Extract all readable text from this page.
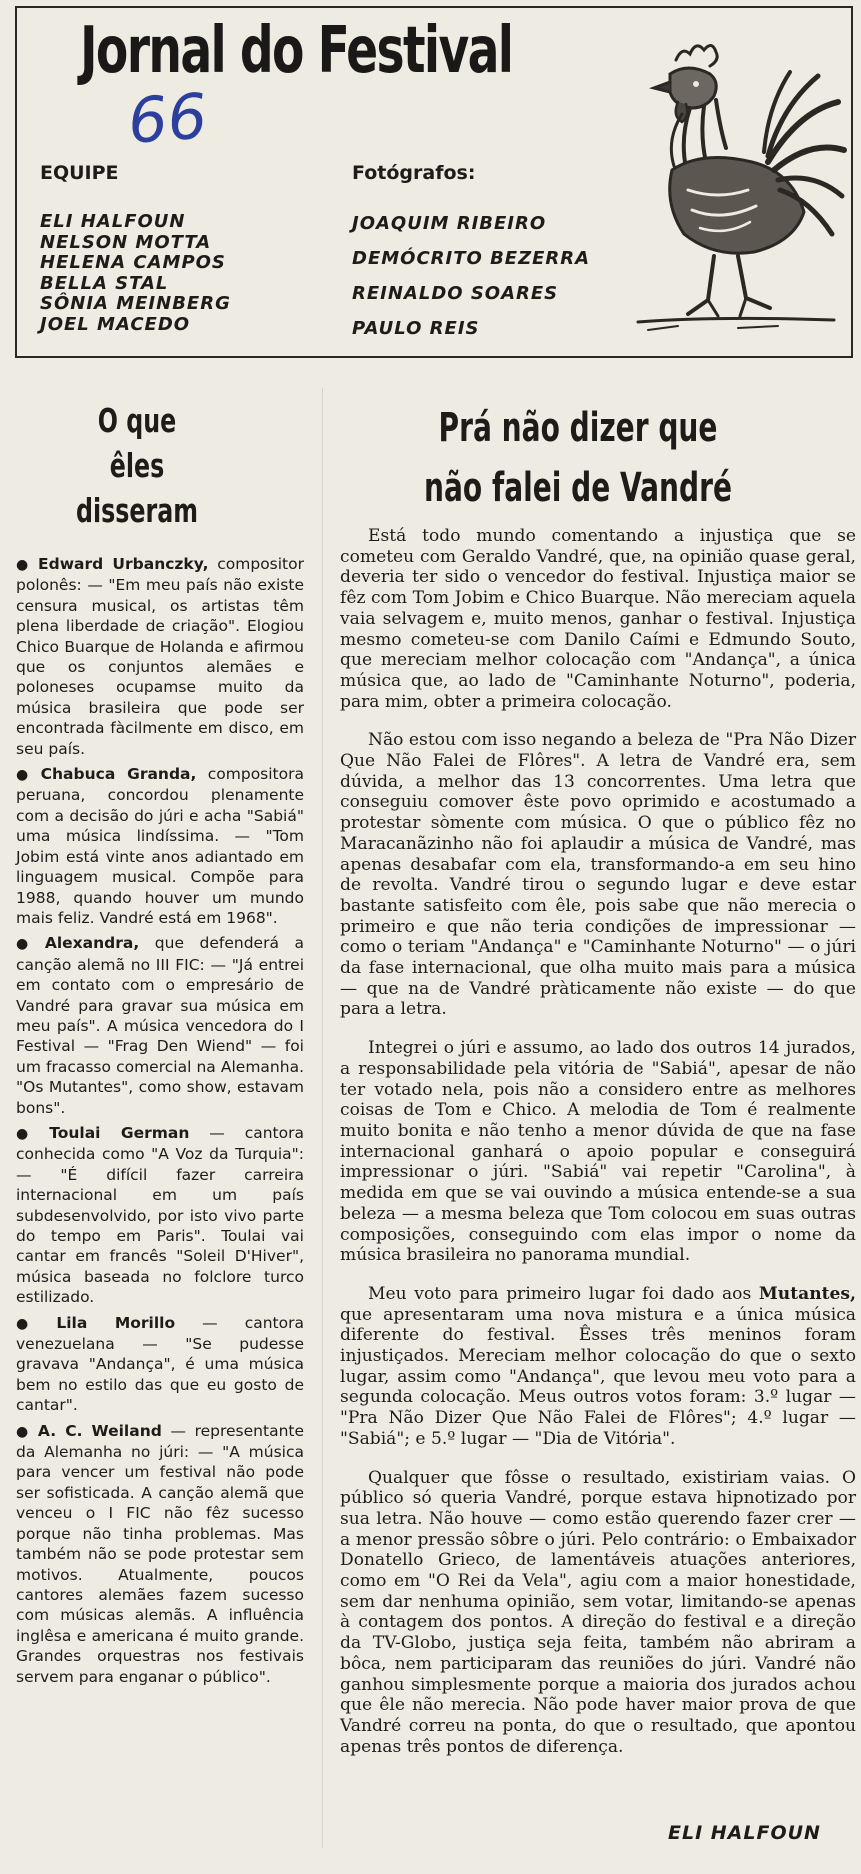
Jornal do Festival
66
EQUIPE
ELI HALFOUN
NELSON MOTTA
HELENA CAMPOS
BELLA STAL
SÔNIA MEINBERG
JOEL MACEDO
Fotógrafos:
JOAQUIM RIBEIRO
DEMÓCRITO BEZERRA
REINALDO SOARES
PAULO REIS
O que
êles
disseram
● Edward Urbanczky, compositor polonês: — "Em meu país não existe censura musical, os artistas têm plena liberdade de criação". Elogiou Chico Buarque de Holanda e afirmou que os conjuntos alemães e poloneses ocupamse muito da música brasileira que pode ser encontrada fàcilmente em disco, em seu país.
● Chabuca Granda, compositora peruana, concordou plenamente com a decisão do júri e acha "Sabiá" uma música lindíssima. — "Tom Jobim está vinte anos adiantado em linguagem musical. Compõe para 1988, quando houver um mundo mais feliz. Vandré está em 1968".
● Alexandra, que defenderá a canção alemã no III FIC: — "Já entrei em contato com o empresário de Vandré para gravar sua música em meu país". A música vencedora do I Festival — "Frag Den Wiend" — foi um fracasso comercial na Alemanha. "Os Mutantes", como show, estavam bons".
● Toulai German — cantora conhecida como "A Voz da Turquia": — "É difícil fazer carreira internacional em um país subdesenvolvido, por isto vivo parte do tempo em Paris". Toulai vai cantar em francês "Soleil D'Hiver", música baseada no folclore turco estilizado.
● Lila Morillo — cantora venezuelana — "Se pudesse gravava "Andança", é uma música bem no estilo das que eu gosto de cantar".
● A. C. Weiland — representante da Alemanha no júri: — "A música para vencer um festival não pode ser sofisticada. A canção alemã que venceu o I FIC não fêz sucesso porque não tinha problemas. Mas também não se pode protestar sem motivos. Atualmente, poucos cantores alemães fazem sucesso com músicas alemãs. A influência inglêsa e americana é muito grande. Grandes orquestras nos festivais servem para enganar o público".
Prá não dizer que
não falei de Vandré

Está todo mundo comentando a injustiça que se cometeu com Geraldo Vandré, que, na opinião quase geral, deveria ter sido o vencedor do festival. Injustiça maior se fêz com Tom Jobim e Chico Buarque. Não mereciam aquela vaia selvagem e, muito menos, ganhar o festival. Injustiça mesmo cometeu-se com Danilo Caími e Edmundo Souto, que mereciam melhor colocação com "Andança", a única música que, ao lado de "Caminhante Noturno", poderia, para mim, obter a primeira colocação.

Não estou com isso negando a beleza de "Pra Não Dizer Que Não Falei de Flôres". A letra de Vandré era, sem dúvida, a melhor das 13 concorrentes. Uma letra que conseguiu comover êste povo oprimido e acostumado a protestar sòmente com música. O que o público fêz no Maracanãzinho não foi aplaudir a música de Vandré, mas apenas desabafar com ela, transformando-a em seu hino de revolta. Vandré tirou o segundo lugar e deve estar bastante satisfeito com êle, pois sabe que não merecia o primeiro e que não teria condições de impressionar — como o teriam "Andança" e "Caminhante Noturno" — o júri da fase internacional, que olha muito mais para a música — que na de Vandré pràticamente não existe — do que para a letra.

Integrei o júri e assumo, ao lado dos outros 14 jurados, a responsabilidade pela vitória de "Sabiá", apesar de não ter votado nela, pois não a considero entre as melhores coisas de Tom e Chico. A melodia de Tom é realmente muito bonita e não tenho a menor dúvida de que na fase internacional ganhará o apoio popular e conseguirá impressionar o júri. "Sabiá" vai repetir "Carolina", à medida em que se vai ouvindo a música entende-se a sua beleza — a mesma beleza que Tom colocou em suas outras composições, conseguindo com elas impor o nome da música brasileira no panorama mundial.

Meu voto para primeiro lugar foi dado aos Mutantes, que apresentaram uma nova mistura e a única música diferente do festival. Êsses três meninos foram injustiçados. Mereciam melhor colocação do que o sexto lugar, assim como "Andança", que levou meu voto para a segunda colocação. Meus outros votos foram: 3.º lugar — "Pra Não Dizer Que Não Falei de Flôres"; 4.º lugar — "Sabiá"; e 5.º lugar — "Dia de Vitória".

Qualquer que fôsse o resultado, existiriam vaias. O público só queria Vandré, porque estava hipnotizado por sua letra. Não houve — como estão querendo fazer crer — a menor pressão sôbre o júri. Pelo contrário: o Embaixador Donatello Grieco, de lamentáveis atuações anteriores, como em "O Rei da Vela", agiu com a maior honestidade, sem dar nenhuma opinião, sem votar, limitando-se apenas à contagem dos pontos. A direção do festival e a direção da TV-Globo, justiça seja feita, também não abriram a bôca, nem participaram das reuniões do júri. Vandré não ganhou simplesmente porque a maioria dos jurados achou que êle não merecia. Não pode haver maior prova de que Vandré correu na ponta, do que o resultado, que apontou apenas três pontos de diferença.

ELI HALFOUN
